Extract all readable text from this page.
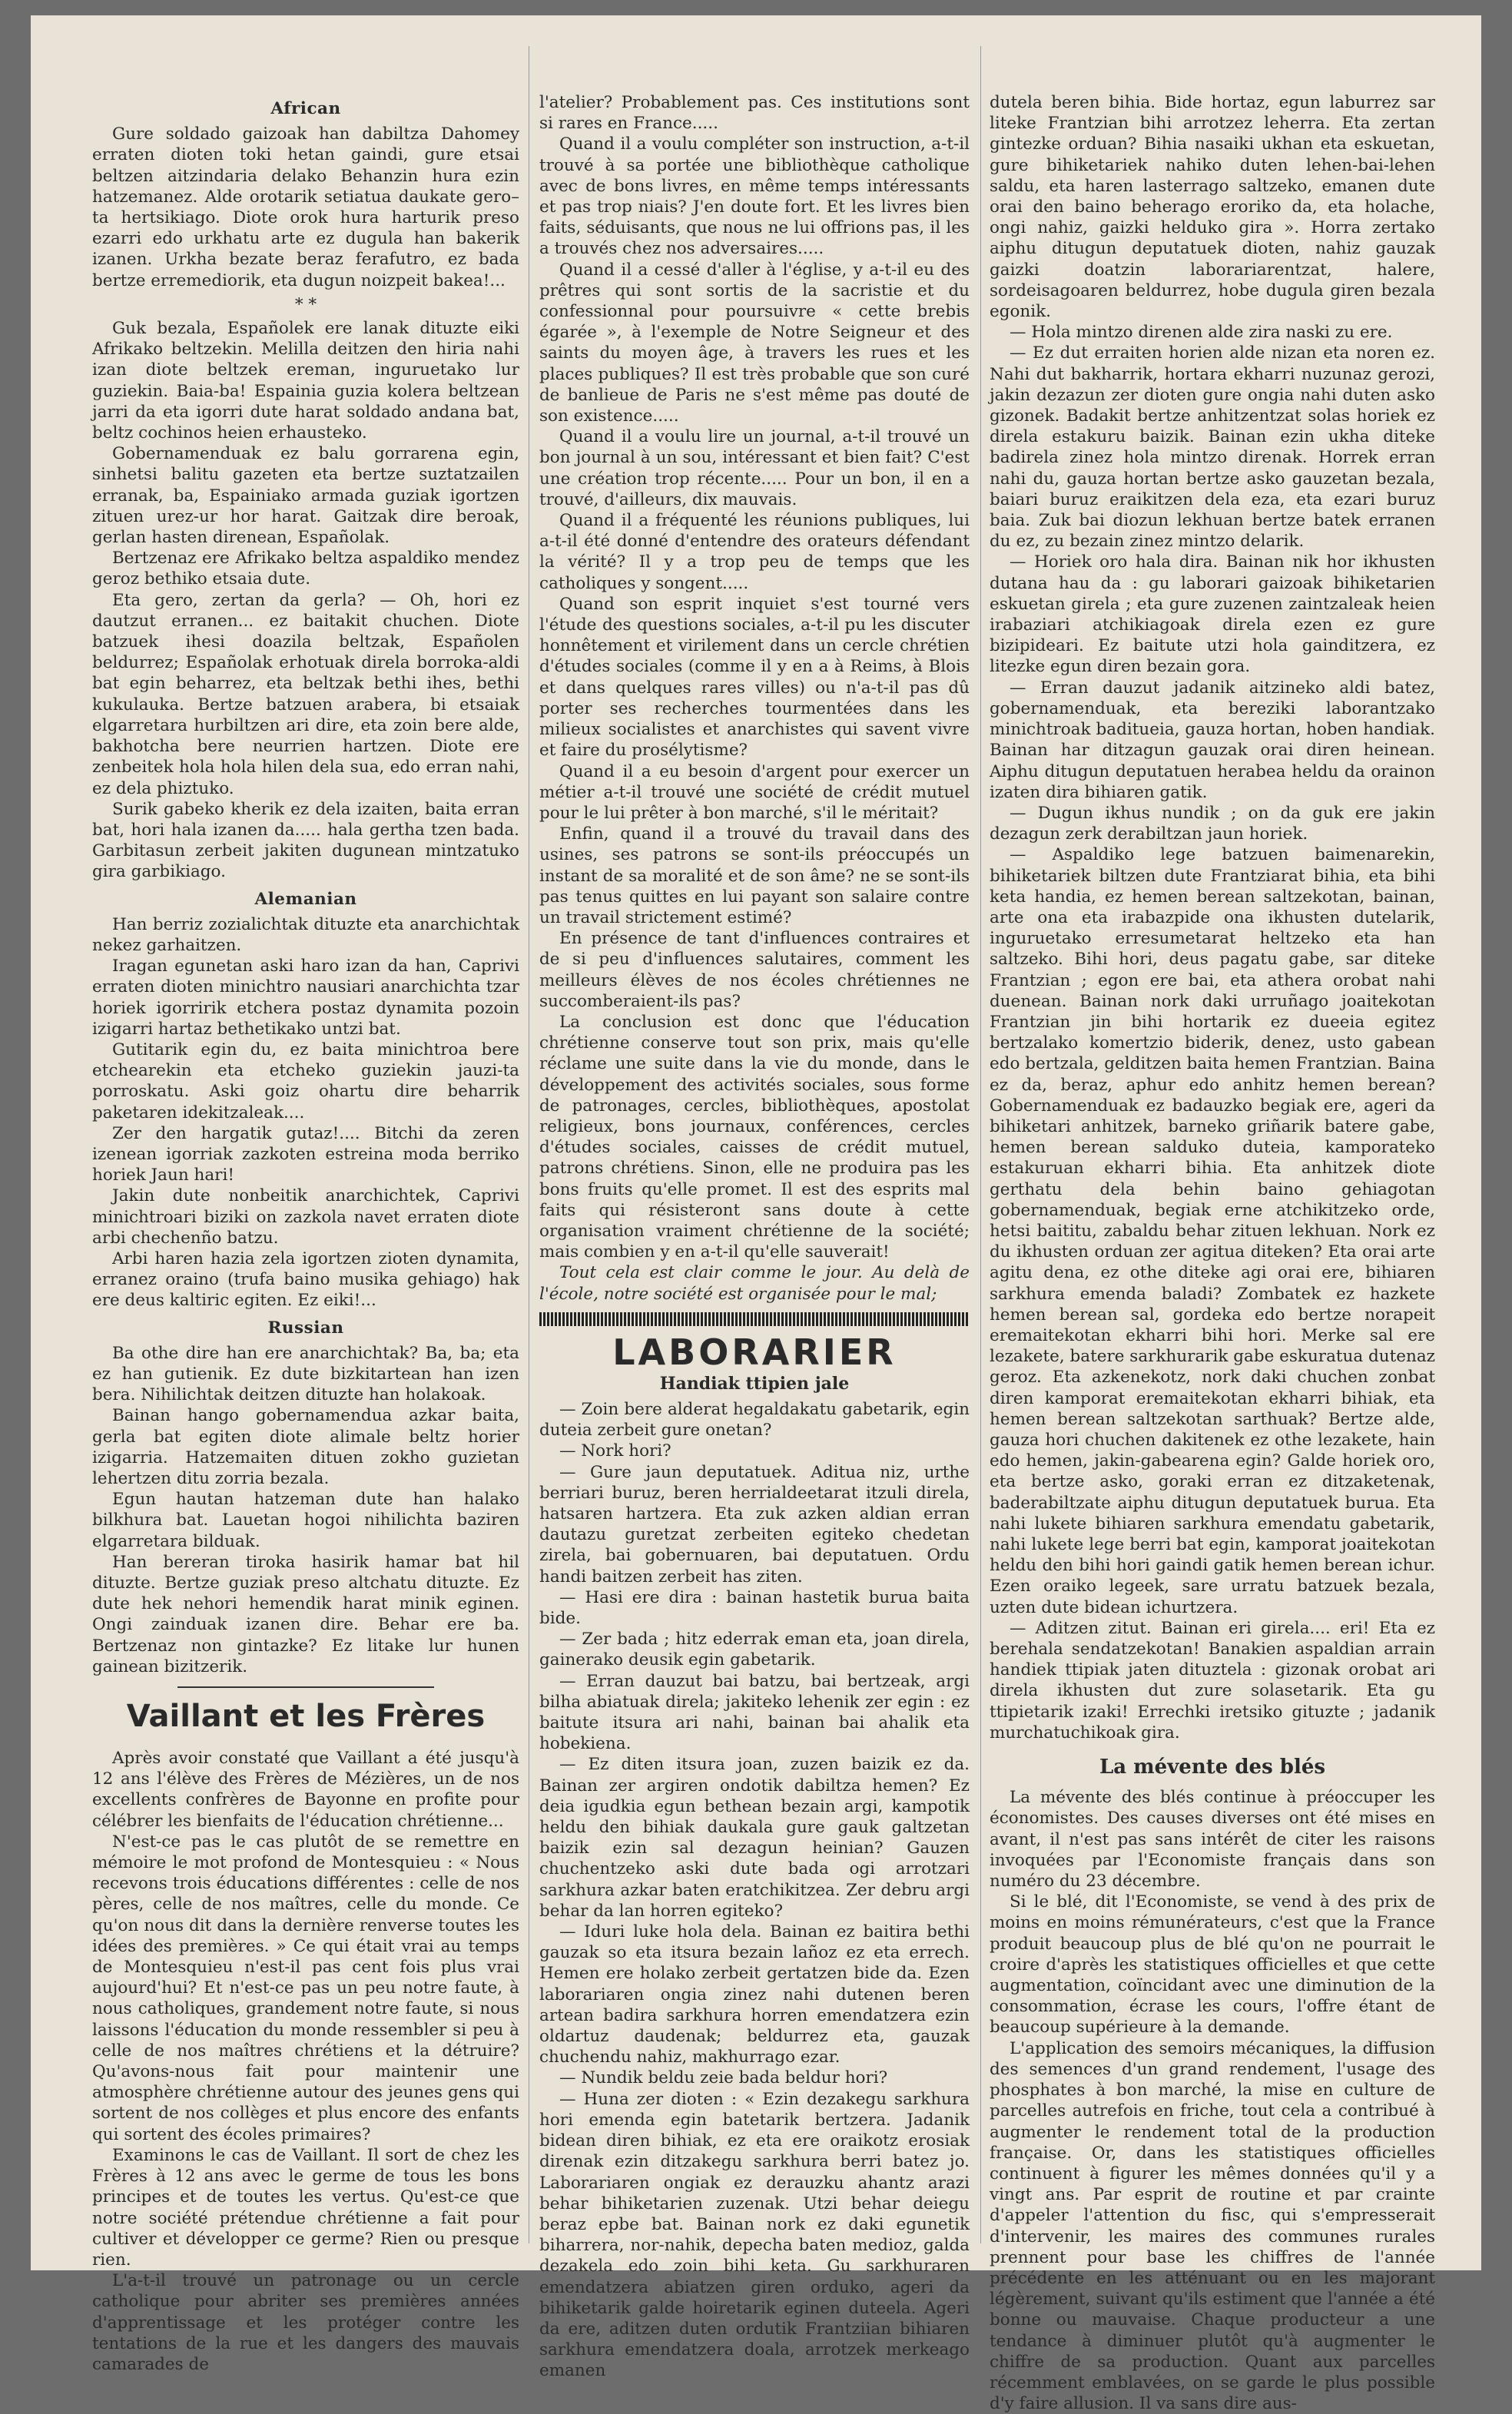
African

Gure soldado gaizoak han dabiltza Dahomey erraten dioten toki hetan gaindi, gure etsai beltzen aitzindaria delako Behanzin hura ezin hatzemanez. Alde orotarik setiatua daukate gero–ta hertsikiago. Diote orok hura harturik preso ezarri edo urkhatu arte ez dugula han bakerik izanen. Urkha bezate beraz ferafutro, ez bada bertze erremediorik, eta dugun noizpeit bakea!...

* *

Guk bezala, Españolek ere lanak dituzte eiki Afrikako beltzekin. Melilla deitzen den hiria nahi izan diote beltzek ereman, inguruetako lur guziekin. Baia-ba! Espainia guzia kolera beltzean jarri da eta igorri dute harat soldado andana bat, beltz cochinos heien erhausteko.

Gobernamenduak ez balu gorrarena egin, sinhetsi balitu gazeten eta bertze suztatzailen erranak, ba, Espainiako armada guziak igortzen zituen urez-ur hor harat. Gaitzak dire beroak, gerlan hasten direnean, Españolak.

Bertzenaz ere Afrikako beltza aspaldiko mendez geroz bethiko etsaia dute.

Eta gero, zertan da gerla? — Oh, hori ez dautzut erranen... ez baitakit chuchen. Diote batzuek ihesi doazila beltzak, Españolen beldurrez; Españolak erhotuak direla borroka-aldi bat egin beharrez, eta beltzak bethi ihes, bethi kukulauka. Bertze batzuen arabera, bi etsaiak elgarretara hurbiltzen ari dire, eta zoin bere alde, bakhotcha bere neurrien hartzen. Diote ere zenbeitek hola hola hilen dela sua, edo erran nahi, ez dela phiztuko.

Surik gabeko kherik ez dela izaiten, baita erran bat, hori hala izanen da..... hala gertha tzen bada. Garbitasun zerbeit jakiten dugunean mintzatuko gira garbikiago.

Alemanian

Han berriz zozialichtak dituzte eta anarchichtak nekez garhaitzen.

Iragan egunetan aski haro izan da han, Caprivi erraten dioten minichtro nausiari anarchichta tzar horiek igorririk etchera postaz dynamita pozoin izigarri hartaz bethetikako untzi bat.

Gutitarik egin du, ez baita minichtroa bere etchearekin eta etcheko guziekin jauzi-ta porroskatu. Aski goiz ohartu dire beharrik paketaren idekitzaleak....

Zer den hargatik gutaz!.... Bitchi da zeren izenean igorriak zazkoten estreina moda berriko horiek Jaun hari!

Jakin dute nonbeitik anarchichtek, Caprivi minichtroari biziki on zazkola navet erraten diote arbi chechenño batzu.

Arbi haren hazia zela igortzen zioten dynamita, erranez oraino (trufa baino musika gehiago) hak ere deus kaltiric egiten. Ez eiki!...

Russian

Ba othe dire han ere anarchichtak? Ba, ba; eta ez han gutienik. Ez dute bizkitartean han izen bera. Nihilichtak deitzen dituzte han holakoak.

Bainan hango gobernamendua azkar baita, gerla bat egiten diote alimale beltz horier izigarria. Hatzemaiten dituen zokho guzietan lehertzen ditu zorria bezala.

Egun hautan hatzeman dute han halako bilkhura bat. Lauetan hogoi nihilichta baziren elgarretara bilduak.

Han bereran tiroka hasirik hamar bat hil dituzte. Bertze guziak preso altchatu dituzte. Ez dute hek nehori hemendik harat minik eginen. Ongi zainduak izanen dire. Behar ere ba. Bertzenaz non gintazke? Ez litake lur hunen gainean bizitzerik.

Vaillant et les Frères

Après avoir constaté que Vaillant a été jusqu'à 12 ans l'élève des Frères de Mézières, un de nos excellents confrères de Bayonne en profite pour célébrer les bienfaits de l'éducation chrétienne...

N'est-ce pas le cas plutôt de se remettre en mémoire le mot profond de Montesquieu : « Nous recevons trois éducations différentes : celle de nos pères, celle de nos maîtres, celle du monde. Ce qu'on nous dit dans la dernière renverse toutes les idées des premières. » Ce qui était vrai au temps de Montesquieu n'est-il pas cent fois plus vrai aujourd'hui? Et n'est-ce pas un peu notre faute, à nous catholiques, grandement notre faute, si nous laissons l'éducation du monde ressembler si peu à celle de nos maîtres chrétiens et la détruire? Qu'avons-nous fait pour maintenir une atmosphère chrétienne autour des jeunes gens qui sortent de nos collèges et plus encore des enfants qui sortent des écoles primaires?

Examinons le cas de Vaillant. Il sort de chez les Frères à 12 ans avec le germe de tous les bons principes et de toutes les vertus. Qu'est-ce que notre société prétendue chrétienne a fait pour cultiver et développer ce germe? Rien ou presque rien.

L'a-t-il trouvé un patronage ou un cercle catholique pour abriter ses premières années d'apprentissage et les protéger contre les tentations de la rue et les dangers des mauvais camarades de

l'atelier? Probablement pas. Ces institutions sont si rares en France.....

Quand il a voulu compléter son instruction, a-t-il trouvé à sa portée une bibliothèque catholique avec de bons livres, en même temps intéressants et pas trop niais? J'en doute fort. Et les livres bien faits, séduisants, que nous ne lui offrions pas, il les a trouvés chez nos adversaires.....

Quand il a cessé d'aller à l'église, y a-t-il eu des prêtres qui sont sortis de la sacristie et du confessionnal pour poursuivre « cette brebis égarée », à l'exemple de Notre Seigneur et des saints du moyen âge, à travers les rues et les places publiques? Il est très probable que son curé de banlieue de Paris ne s'est même pas douté de son existence.....

Quand il a voulu lire un journal, a-t-il trouvé un bon journal à un sou, intéressant et bien fait? C'est une création trop récente..... Pour un bon, il en a trouvé, d'ailleurs, dix mauvais.

Quand il a fréquenté les réunions publiques, lui a-t-il été donné d'entendre des orateurs défendant la vérité? Il y a trop peu de temps que les catholiques y songent.....

Quand son esprit inquiet s'est tourné vers l'étude des questions sociales, a-t-il pu les discuter honnêtement et virilement dans un cercle chrétien d'études sociales (comme il y en a à Reims, à Blois et dans quelques rares villes) ou n'a-t-il pas dû porter ses recherches tourmentées dans les milieux socialistes et anarchistes qui savent vivre et faire du prosélytisme?

Quand il a eu besoin d'argent pour exercer un métier a-t-il trouvé une société de crédit mutuel pour le lui prêter à bon marché, s'il le méritait?

Enfin, quand il a trouvé du travail dans des usines, ses patrons se sont-ils préoccupés un instant de sa moralité et de son âme? ne se sont-ils pas tenus quittes en lui payant son salaire contre un travail strictement estimé?

En présence de tant d'influences contraires et de si peu d'influences salutaires, comment les meilleurs élèves de nos écoles chrétiennes ne succomberaient-ils pas?

La conclusion est donc que l'éducation chrétienne conserve tout son prix, mais qu'elle réclame une suite dans la vie du monde, dans le développement des activités sociales, sous forme de patronages, cercles, bibliothèques, apostolat religieux, bons journaux, conférences, cercles d'études sociales, caisses de crédit mutuel, patrons chrétiens. Sinon, elle ne produira pas les bons fruits qu'elle promet. Il est des esprits mal faits qui résisteront sans doute à cette organisation vraiment chrétienne de la société; mais combien y en a-t-il qu'elle sauverait!

Tout cela est clair comme le jour. Au delà de l'école, notre société est organisée pour le mal;

LABORARIER
Handiak ttipien jale

— Zoin bere alderat hegaldakatu gabetarik, egin duteia zerbeit gure onetan?

— Nork hori?

— Gure jaun deputatuek. Aditua niz, urthe berriari buruz, beren herrialdeetarat itzuli direla, hatsaren hartzera. Eta zuk azken aldian erran dautazu guretzat zerbeiten egiteko chedetan zirela, bai gobernuaren, bai deputatuen. Ordu handi baitzen zerbeit has ziten.

— Hasi ere dira : bainan hastetik burua baita bide.

— Zer bada ; hitz ederrak eman eta, joan direla, gainerako deusik egin gabetarik.

— Erran dauzut bai batzu, bai bertzeak, argi bilha abiatuak direla; jakiteko lehenik zer egin : ez baitute itsura ari nahi, bainan bai ahalik eta hobekiena.

— Ez diten itsura joan, zuzen baizik ez da. Bainan zer argiren ondotik dabiltza hemen? Ez deia igudkia egun bethean bezain argi, kampotik heldu den bihiak daukala gure gauk galtzetan baizik ezin sal dezagun heinian? Gauzen chuchentzeko aski dute bada ogi arrotzari sarkhura azkar baten eratchikitzea. Zer debru argi behar da lan horren egiteko?

— Iduri luke hola dela. Bainan ez baitira bethi gauzak so eta itsura bezain lañoz ez eta errech. Hemen ere holako zerbeit gertatzen bide da. Ezen laborariaren ongia zinez nahi dutenen beren artean badira sarkhura horren emendatzera ezin oldartuz daudenak; beldurrez eta, gauzak chuchendu nahiz, makhurrago ezar.

— Nundik beldu zeie bada beldur hori?

— Huna zer dioten : « Ezin dezakegu sarkhura hori emenda egin batetarik bertzera. Jadanik bidean diren bihiak, ez eta ere oraikotz erosiak direnak ezin ditzakegu sarkhura berri batez jo. Laborariaren ongiak ez derauzku ahantz arazi behar bihiketarien zuzenak. Utzi behar deiegu beraz epbe bat. Bainan nork ez daki egunetik biharrera, nor-nahik, depecha baten medioz, galda dezakela edo zoin bihi keta. Gu sarkhuraren emendatzera abiatzen giren orduko, ageri da bihiketarik galde hoiretarik eginen duteela. Ageri da ere, aditzen duten ordutik Frantziian bihiaren sarkhura emendatzera doala, arrotzek merkeago emanen

dutela beren bihia. Bide hortaz, egun laburrez sar liteke Frantzian bihi arrotzez leherra. Eta zertan gintezke orduan? Bihia nasaiki ukhan eta eskuetan, gure bihiketariek nahiko duten lehen-bai-lehen saldu, eta haren lasterrago saltzeko, emanen dute orai den baino beherago eroriko da, eta holache, ongi nahiz, gaizki helduko gira ». Horra zertako aiphu ditugun deputatuek dioten, nahiz gauzak gaizki doatzin laborariarentzat, halere, sordeisagoaren beldurrez, hobe dugula giren bezala egonik.

— Hola mintzo direnen alde zira naski zu ere.

— Ez dut erraiten horien alde nizan eta noren ez. Nahi dut bakharrik, hortara ekharri nuzunaz gerozi, jakin dezazun zer dioten gure ongia nahi duten asko gizonek. Badakit bertze anhitzentzat solas horiek ez direla estakuru baizik. Bainan ezin ukha diteke badirela zinez hola mintzo direnak. Horrek erran nahi du, gauza hortan bertze asko gauzetan bezala, baiari buruz eraikitzen dela eza, eta ezari buruz baia. Zuk bai diozun lekhuan bertze batek erranen du ez, zu bezain zinez mintzo delarik.

— Horiek oro hala dira. Bainan nik hor ikhusten dutana hau da : gu laborari gaizoak bihiketarien eskuetan girela ; eta gure zuzenen zaintzaleak heien irabaziari atchikiagoak direla ezen ez gure bizipideari. Ez baitute utzi hola gainditzera, ez litezke egun diren bezain gora.

— Erran dauzut jadanik aitzineko aldi batez, gobernamenduak, eta bereziki laborantzako minichtroak baditueia, gauza hortan, hoben handiak. Bainan har ditzagun gauzak orai diren heinean. Aiphu ditugun deputatuen herabea heldu da orainon izaten dira bihiaren gatik.

— Dugun ikhus nundik ; on da guk ere jakin dezagun zerk derabiltzan jaun horiek.

— Aspaldiko lege batzuen baimenarekin, bihiketariek biltzen dute Frantziarat bihia, eta bihi keta handia, ez hemen berean saltzekotan, bainan, arte ona eta irabazpide ona ikhusten dutelarik, inguruetako erresumetarat heltzeko eta han saltzeko. Bihi hori, deus pagatu gabe, sar diteke Frantzian ; egon ere bai, eta athera orobat nahi duenean. Bainan nork daki urruñago joaitekotan Frantzian jin bihi hortarik ez dueeia egitez bertzalako komertzio biderik, denez, usto gabean edo bertzala, gelditzen baita hemen Frantzian. Baina ez da, beraz, aphur edo anhitz hemen berean? Gobernamenduak ez badauzko begiak ere, ageri da bihiketari anhitzek, barneko griñarik batere gabe, hemen berean salduko duteia, kamporateko estakuruan ekharri bihia. Eta anhitzek diote gerthatu dela behin baino gehiagotan gobernamenduak, begiak erne atchikitzeko orde, hetsi baititu, zabaldu behar zituen lekhuan. Nork ez du ikhusten orduan zer agitua diteken? Eta orai arte agitu dena, ez othe diteke agi orai ere, bihiaren sarkhura emenda baladi? Zombatek ez hazkete hemen berean sal, gordeka edo bertze norapeit eremaitekotan ekharri bihi hori. Merke sal ere lezakete, batere sarkhurarik gabe eskuratua dutenaz geroz. Eta azkenekotz, nork daki chuchen zonbat diren kamporat eremaitekotan ekharri bihiak, eta hemen berean saltzekotan sarthuak? Bertze alde, gauza hori chuchen dakitenek ez othe lezakete, hain edo hemen, jakin-gabearena egin? Galde horiek oro, eta bertze asko, goraki erran ez ditzaketenak, baderabiltzate aiphu ditugun deputatuek burua. Eta nahi lukete bihiaren sarkhura emendatu gabetarik, nahi lukete lege berri bat egin, kamporat joaitekotan heldu den bihi hori gaindi gatik hemen berean ichur. Ezen oraiko legeek, sare urratu batzuek bezala, uzten dute bidean ichurtzera.

— Aditzen zitut. Bainan eri girela.... eri! Eta ez berehala sendatzekotan! Banakien aspaldian arrain handiek ttipiak jaten dituztela : gizonak orobat ari direla ikhusten dut zure solasetarik. Eta gu ttipietarik izaki! Errechki iretsiko gituzte ; jadanik murchatuchikoak gira.

La mévente des blés

La mévente des blés continue à préoccuper les économistes. Des causes diverses ont été mises en avant, il n'est pas sans intérêt de citer les raisons invoquées par l'Economiste français dans son numéro du 23 décembre.

Si le blé, dit l'Economiste, se vend à des prix de moins en moins rémunérateurs, c'est que la France produit beaucoup plus de blé qu'on ne pourrait le croire d'après les statistiques officielles et que cette augmentation, coïncidant avec une diminution de la consommation, écrase les cours, l'offre étant de beaucoup supérieure à la demande.

L'application des semoirs mécaniques, la diffusion des semences d'un grand rendement, l'usage des phosphates à bon marché, la mise en culture de parcelles autrefois en friche, tout cela a contribué à augmenter le rendement total de la production française. Or, dans les statistiques officielles continuent à figurer les mêmes données qu'il y a vingt ans. Par esprit de routine et par crainte d'appeler l'attention du fisc, qui s'empresserait d'intervenir, les maires des communes rurales prennent pour base les chiffres de l'année précédente en les atténuant ou en les majorant légèrement, suivant qu'ils estiment que l'année a été bonne ou mauvaise. Chaque producteur a une tendance à diminuer plutôt qu'à augmenter le chiffre de sa production. Quant aux parcelles récemment emblavées, on se garde le plus possible d'y faire allusion. Il va sans dire aus-
